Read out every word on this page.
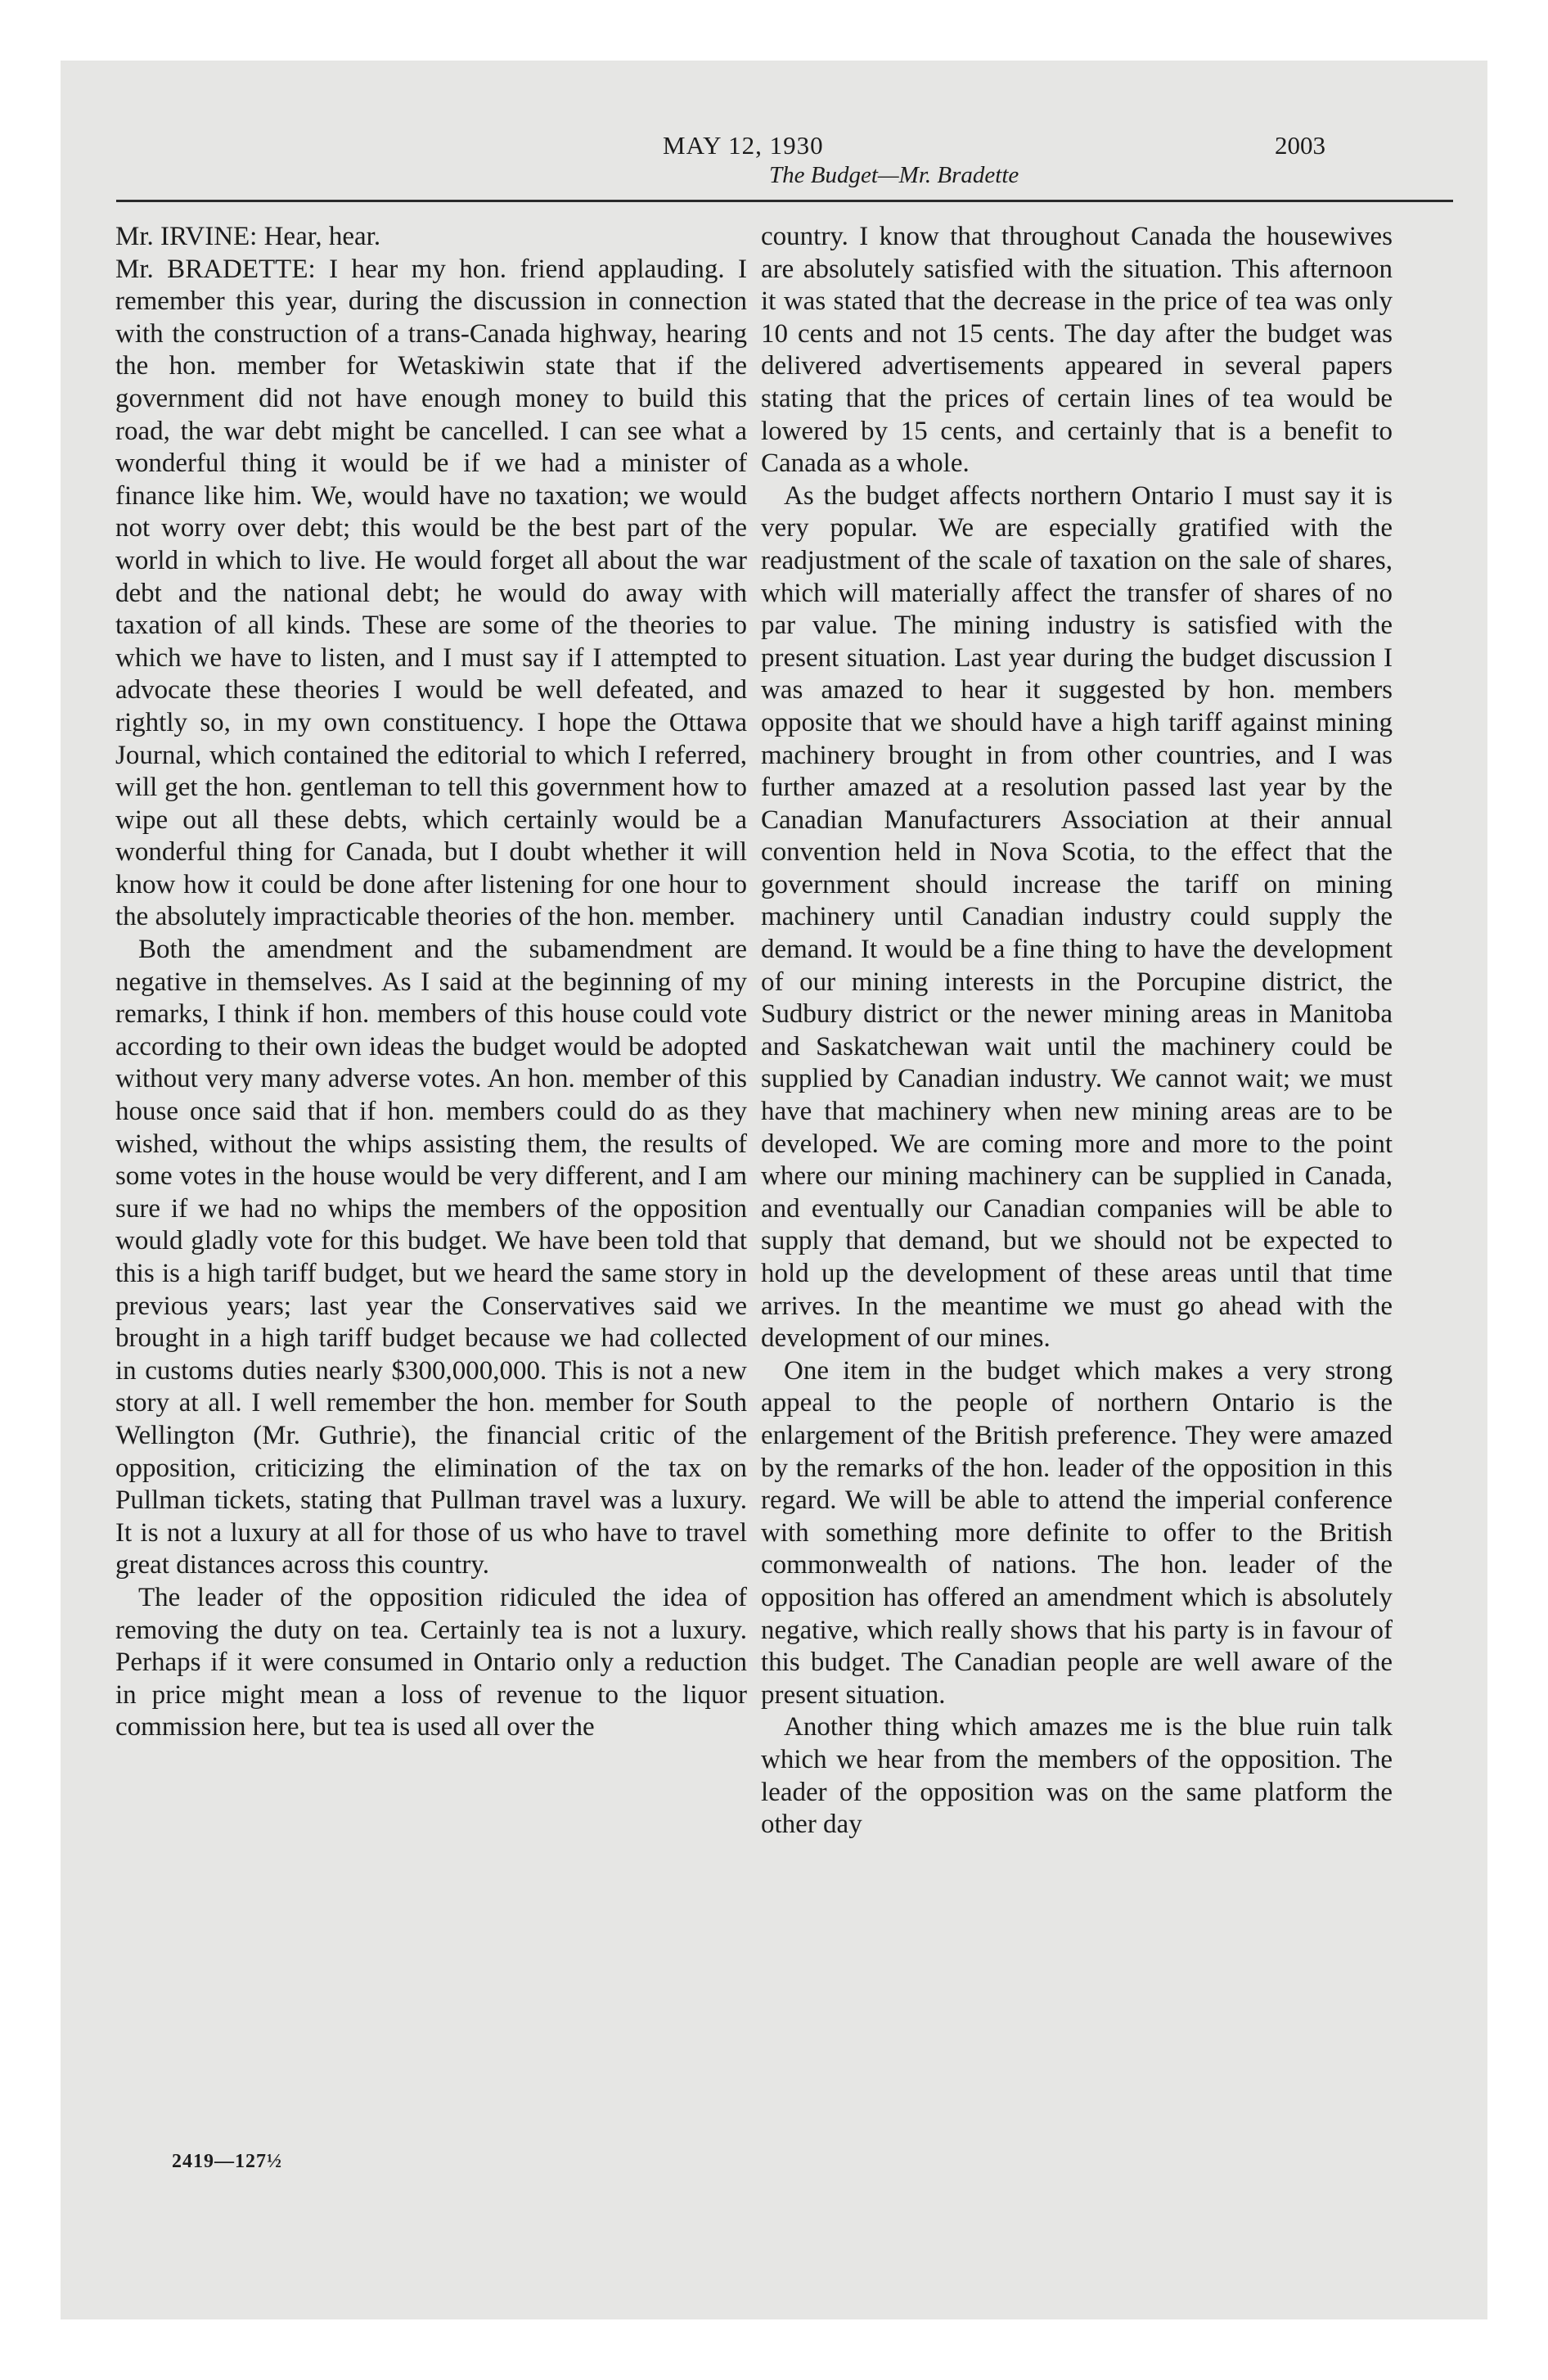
MAY 12, 1930
The Budget—Mr. Bradette
2003

Mr. IRVINE: Hear, hear.

Mr. BRADETTE: I hear my hon. friend applauding. I remember this year, during the discussion in connection with the construction of a trans-Canada highway, hearing the hon. member for Wetaskiwin state that if the government did not have enough money to build this road, the war debt might be cancelled. I can see what a wonderful thing it would be if we had a minister of finance like him. We, would have no taxation; we would not worry over debt; this would be the best part of the world in which to live. He would forget all about the war debt and the national debt; he would do away with taxation of all kinds. These are some of the theories to which we have to listen, and I must say if I attempted to advocate these theories I would be well defeated, and rightly so, in my own constituency. I hope the Ottawa Journal, which contained the editorial to which I referred, will get the hon. gentleman to tell this government how to wipe out all these debts, which certainly would be a wonderful thing for Canada, but I doubt whether it will know how it could be done after listening for one hour to the absolutely impracticable theories of the hon. member.

Both the amendment and the subamendment are negative in themselves. As I said at the beginning of my remarks, I think if hon. members of this house could vote according to their own ideas the budget would be adopted without very many adverse votes. An hon. member of this house once said that if hon. members could do as they wished, without the whips assisting them, the results of some votes in the house would be very different, and I am sure if we had no whips the members of the opposition would gladly vote for this budget. We have been told that this is a high tariff budget, but we heard the same story in previous years; last year the Conservatives said we brought in a high tariff budget because we had collected in customs duties nearly $300,000,000. This is not a new story at all. I well remember the hon. member for South Wellington (Mr. Guthrie), the financial critic of the opposition, criticizing the elimination of the tax on Pullman tickets, stating that Pullman travel was a luxury. It is not a luxury at all for those of us who have to travel great distances across this country.

The leader of the opposition ridiculed the idea of removing the duty on tea. Certainly tea is not a luxury. Perhaps if it were consumed in Ontario only a reduction in price might mean a loss of revenue to the liquor commission here, but tea is used all over the

country. I know that throughout Canada the housewives are absolutely satisfied with the situation. This afternoon it was stated that the decrease in the price of tea was only 10 cents and not 15 cents. The day after the budget was delivered advertisements appeared in several papers stating that the prices of certain lines of tea would be lowered by 15 cents, and certainly that is a benefit to Canada as a whole.

As the budget affects northern Ontario I must say it is very popular. We are especially gratified with the readjustment of the scale of taxation on the sale of shares, which will materially affect the transfer of shares of no par value. The mining industry is satisfied with the present situation. Last year during the budget discussion I was amazed to hear it suggested by hon. members opposite that we should have a high tariff against mining machinery brought in from other countries, and I was further amazed at a resolution passed last year by the Canadian Manufacturers Association at their annual convention held in Nova Scotia, to the effect that the government should increase the tariff on mining machinery until Canadian industry could supply the demand. It would be a fine thing to have the development of our mining interests in the Porcupine district, the Sudbury district or the newer mining areas in Manitoba and Saskatchewan wait until the machinery could be supplied by Canadian industry. We cannot wait; we must have that machinery when new mining areas are to be developed. We are coming more and more to the point where our mining machinery can be supplied in Canada, and eventually our Canadian companies will be able to supply that demand, but we should not be expected to hold up the development of these areas until that time arrives. In the meantime we must go ahead with the development of our mines.

One item in the budget which makes a very strong appeal to the people of northern Ontario is the enlargement of the British preference. They were amazed by the remarks of the hon. leader of the opposition in this regard. We will be able to attend the imperial conference with something more definite to offer to the British commonwealth of nations. The hon. leader of the opposition has offered an amendment which is absolutely negative, which really shows that his party is in favour of this budget. The Canadian people are well aware of the present situation.

Another thing which amazes me is the blue ruin talk which we hear from the members of the opposition. The leader of the opposition was on the same platform the other day

2419—127½
